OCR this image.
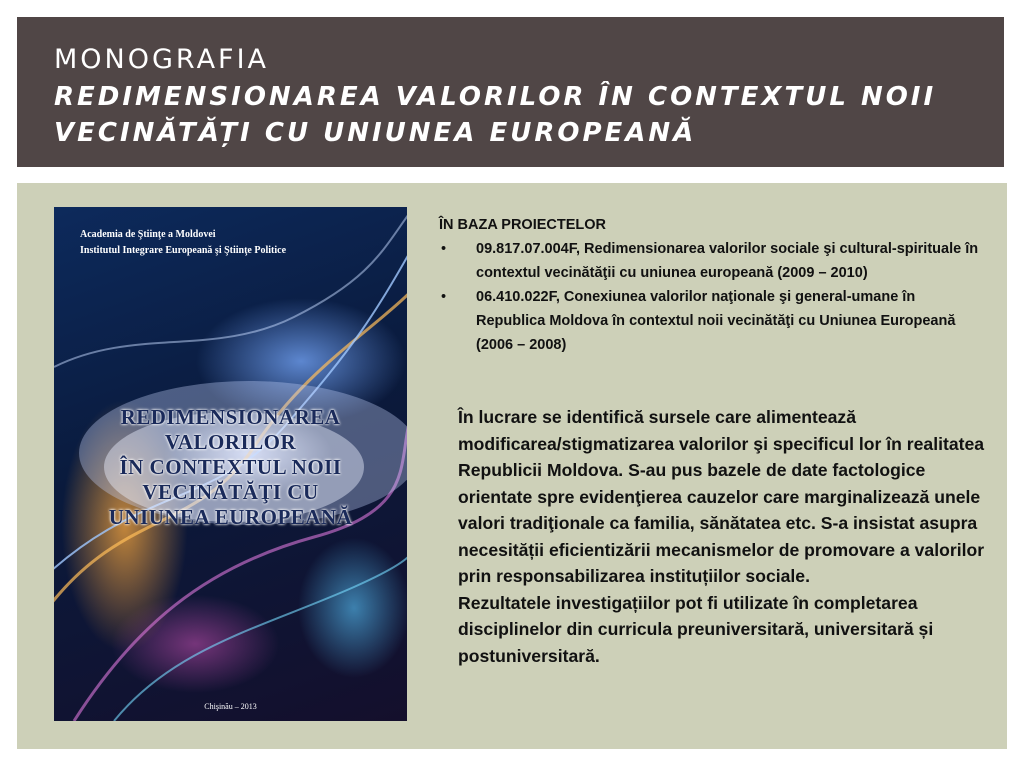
MONOGRAFIA
REDIMENSIONAREA VALORILOR ÎN CONTEXTUL NOII VECINĂTĂȚI CU UNIUNEA EUROPEANĂ
Academia de Ştiinţe a Moldovei
Institutul Integrare Europeană şi Ştiinţe Politice
REDIMENSIONAREA
VALORILOR
ÎN CONTEXTUL NOII
VECINĂTĂŢI CU
UNIUNEA EUROPEANĂ
Chişinău – 2013
ÎN BAZA PROIECTELOR
• 09.817.07.004F, Redimensionarea valorilor sociale şi cultural-spirituale în contextul vecinătăţii cu uniunea europeană (2009 – 2010)
• 06.410.022F, Conexiunea valorilor naţionale şi general-umane în Republica Moldova în contextul noii vecinătăţi cu Uniunea Europeană (2006 – 2008)
În lucrare se identifică sursele care alimentează modificarea/stigmatizarea valorilor şi specificul lor în realitatea Republicii Moldova. S-au pus bazele de date factologice orientate spre evidenţierea cauzelor care marginalizează unele valori tradiţionale ca familia, sănătatea etc. S-a insistat asupra necesității eficientizării mecanismelor de promovare a valorilor prin responsabilizarea instituțiilor sociale.
Rezultatele investigațiilor pot fi utilizate în completarea disciplinelor din curricula preuniversitară, universitară și postuniversitară.
